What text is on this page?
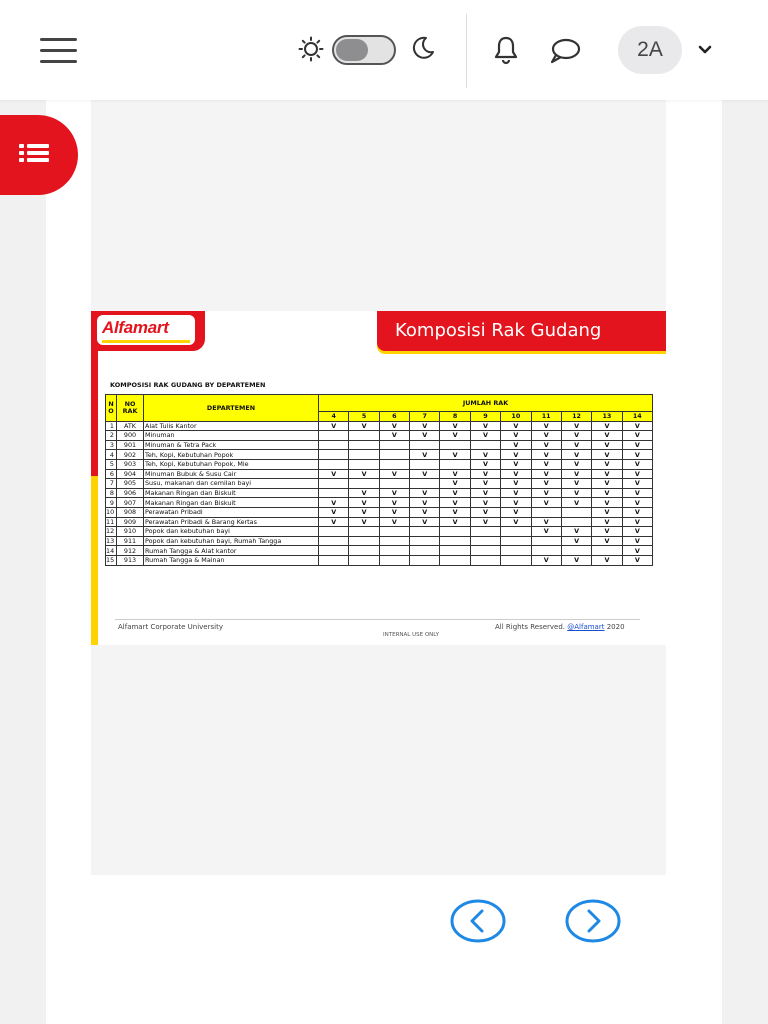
2A
Alfamart	Komposisi Rak Gudang
KOMPOSISI RAK GUDANG BY DEPARTEMEN
N O	NO RAK	DEPARTEMEN	JUMLAH RAK										
			4	5	6	7	8	9	10	11	12	13	14
1	ATK	Alat Tulis Kantor	V	V	V	V	V	V	V	V	V	V	V
2	900	Minuman			V	V	V	V	V	V	V	V	V
3	901	Minuman & Tetra Pack							V	V	V	V	V
4	902	Teh, Kopi, Kebutuhan Popok				V	V	V	V	V	V	V	V
5	903	Teh, Kopi, Kebutuhan Popok, Mie						V	V	V	V	V	V
6	904	Minuman Bubuk & Susu Cair	V	V	V	V	V	V	V	V	V	V	V
7	905	Susu, makanan dan cemilan bayi					V	V	V	V	V	V	V
8	906	Makanan Ringan dan Biskuit		V	V	V	V	V	V	V	V	V	V
9	907	Makanan Ringan dan Biskuit	V	V	V	V	V	V	V	V	V	V	V
10	908	Perawatan Pribadi	V	V	V	V	V	V	V			V	V
11	909	Perawatan Pribadi & Barang Kertas	V	V	V	V	V	V	V	V		V	V
12	910	Popok dan kebutuhan bayi								V	V	V	V
13	911	Popok dan kebutuhan bayi, Rumah Tangga									V	V	V
14	912	Rumah Tangga & Alat kantor											V
15	913	Rumah Tangga & Mainan								V	V	V	V
Alfamart Corporate University	All Rights Reserved. @Alfamart 2020
INTERNAL USE ONLY
